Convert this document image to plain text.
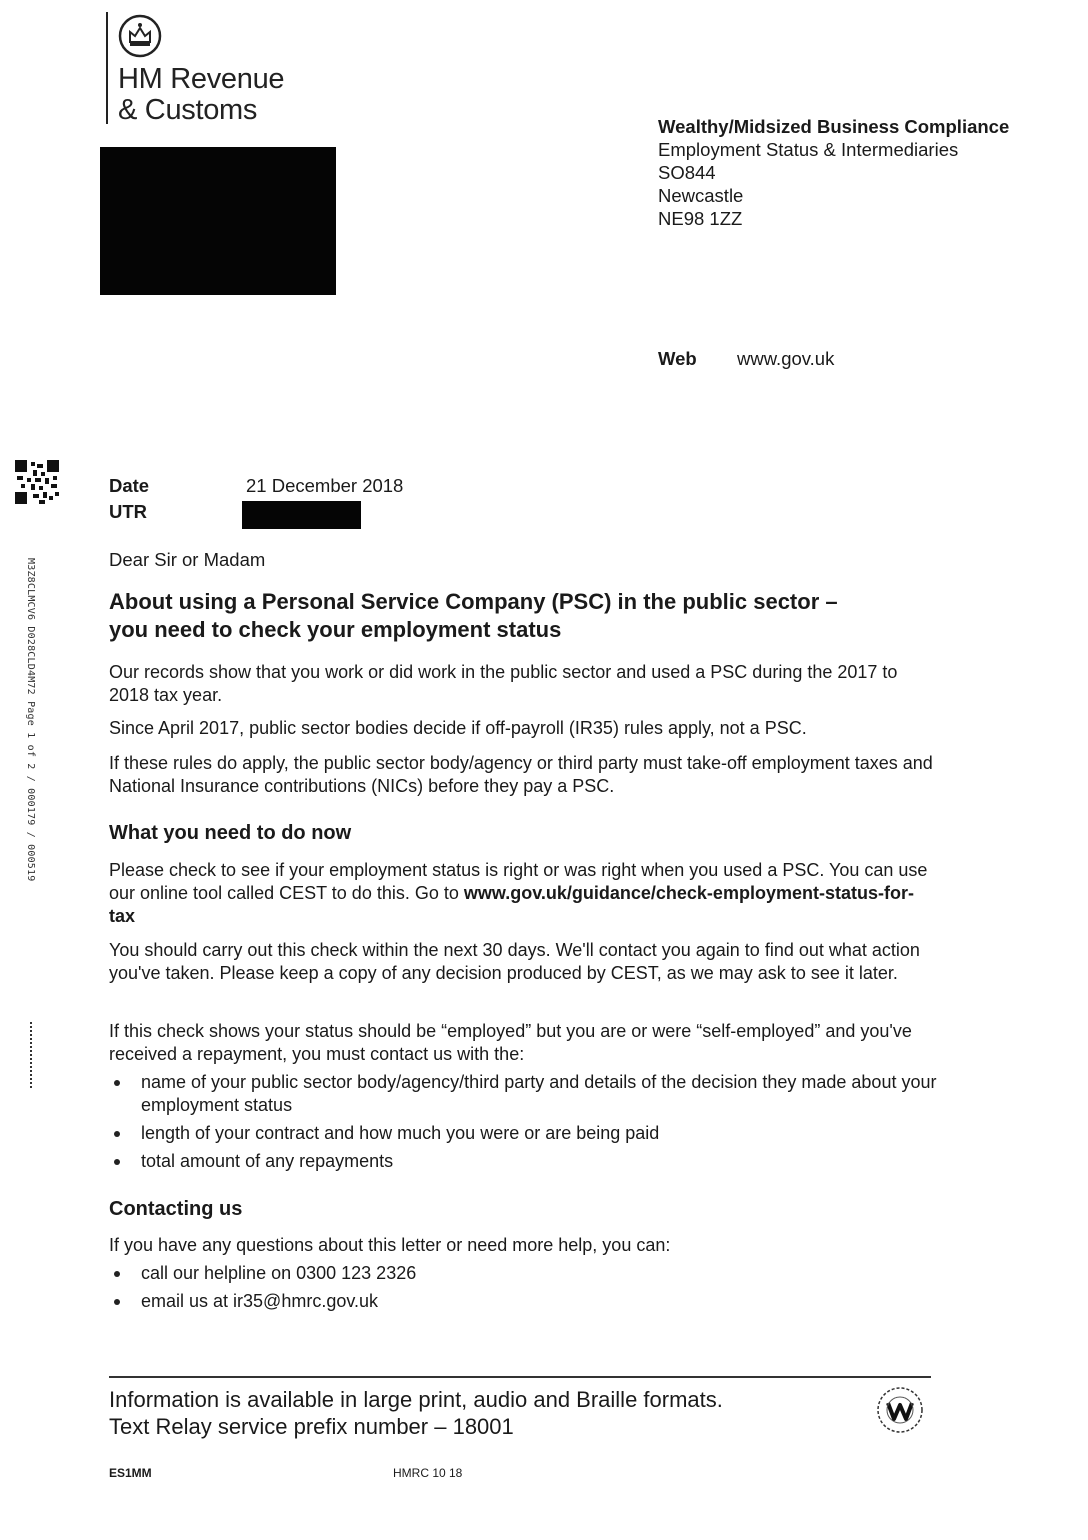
HM Revenue
& Customs
Wealthy/Midsized Business Compliance
Employment Status & Intermediaries
SO844
Newcastle
NE98 1ZZ
Web www.gov.uk
M3Z8CLMCV6 D028CLD4M72 Page 1 of 2 / 000179 / 000519
Date	21 December 2018
UTR
Dear Sir or Madam
About using a Personal Service Company (PSC) in the public sector –
you need to check your employment status
Our records show that you work or did work in the public sector and used a PSC during the 2017 to 2018 tax year.
Since April 2017, public sector bodies decide if off-payroll (IR35) rules apply, not a PSC.
If these rules do apply, the public sector body/agency or third party must take-off employment taxes and National Insurance contributions (NICs) before they pay a PSC.
What you need to do now
Please check to see if your employment status is right or was right when you used a PSC. You can use our online tool called CEST to do this. Go to www.gov.uk/guidance/check-employment-status-for-tax
You should carry out this check within the next 30 days. We'll contact you again to find out what action you've taken. Please keep a copy of any decision produced by CEST, as we may ask to see it later.
If this check shows your status should be “employed” but you are or were “self-employed” and you've received a repayment, you must contact us with the:
name of your public sector body/agency/third party and details of the decision they made about your employment status
length of your contract and how much you were or are being paid
total amount of any repayments
Contacting us
If you have any questions about this letter or need more help, you can:
call our helpline on 0300 123 2326
email us at ir35@hmrc.gov.uk
Information is available in large print, audio and Braille formats.
Text Relay service prefix number – 18001
ES1MM	HMRC 10 18
